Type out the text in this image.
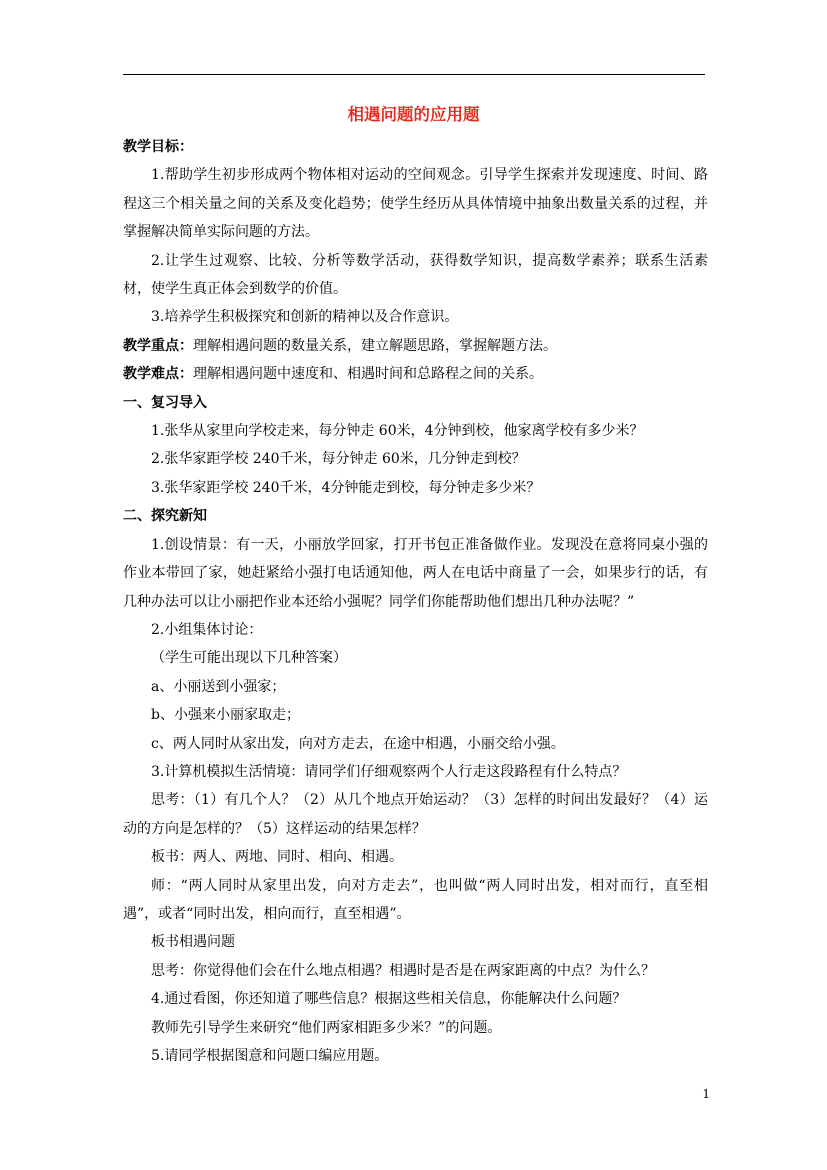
相遇问题的应用题

教学目标：

1.帮助学生初步形成两个物体相对运动的空间观念。引导学生探索并发现速度、时间、路程这三个相关量之间的关系及变化趋势；使学生经历从具体情境中抽象出数量关系的过程，并掌握解决简单实际问题的方法。

2.让学生过观察、比较、分析等数学活动，获得数学知识，提高数学素养；联系生活素材，使学生真正体会到数学的价值。

3.培养学生积极探究和创新的精神以及合作意识。

教学重点：理解相遇问题的数量关系，建立解题思路，掌握解题方法。

教学难点：理解相遇问题中速度和、相遇时间和总路程之间的关系。

一、复习导入

1.张华从家里向学校走来，每分钟走 60米，4分钟到校，他家离学校有多少米？

2.张华家距学校 240千米，每分钟走 60米，几分钟走到校？

3.张华家距学校 240千米，4分钟能走到校，每分钟走多少米？

二、探究新知

1.创设情景：有一天，小丽放学回家，打开书包正准备做作业。发现没在意将同桌小强的作业本带回了家，她赶紧给小强打电话通知他，两人在电话中商量了一会，如果步行的话，有几种办法可以让小丽把作业本还给小强呢？同学们你能帮助他们想出几种办法呢？”

2.小组集体讨论：

（学生可能出现以下几种答案）

a、小丽送到小强家；

b、小强来小丽家取走；

c、两人同时从家出发，向对方走去，在途中相遇，小丽交给小强。

3.计算机模拟生活情境：请同学们仔细观察两个人行走这段路程有什么特点？

思考：（1）有几个人？（2）从几个地点开始运动？（3）怎样的时间出发最好？（4）运动的方向是怎样的？（5）这样运动的结果怎样？

板书：两人、两地、同时、相向、相遇。

师：“两人同时从家里出发，向对方走去”，也叫做“两人同时出发，相对而行，直至相遇”，或者“同时出发，相向而行，直至相遇”。

板书相遇问题

思考：你觉得他们会在什么地点相遇？相遇时是否是在两家距离的中点？为什么？

4.通过看图，你还知道了哪些信息？根据这些相关信息，你能解决什么问题？

教师先引导学生来研究“他们两家相距多少米？”的问题。

5.请同学根据图意和问题口编应用题。

1
